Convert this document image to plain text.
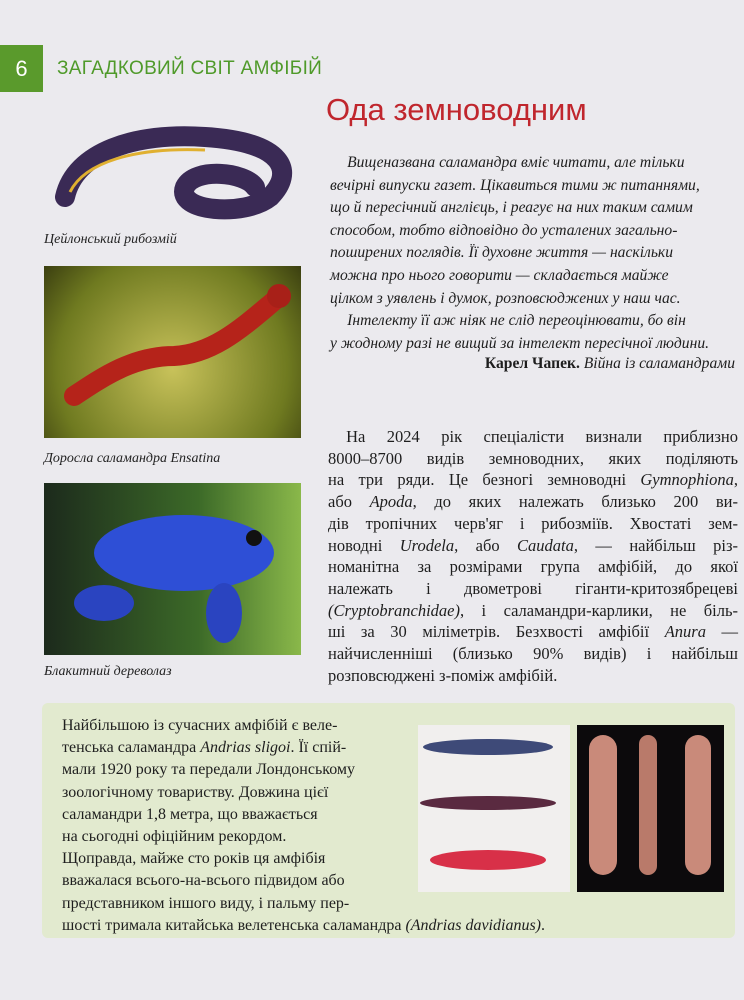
6	ЗАГАДКОВИЙ СВІТ АМФІБІЙ
Ода земноводним
Цейлонський рибозмій
Доросла саламандра Ensatina
Блакитний дереволаз
Вищеназвана саламандра вміє читати, але тільки
вечірні випуски газет. Цікавиться тими ж питаннями,
що й пересічний англієць, і реагує на них таким самим
способом, тобто відповідно до усталених загально-
поширених поглядів. Її духовне життя — наскільки
можна про нього говорити — складається майже
цілком з уявлень і думок, розповсюджених у наш час.
Інтелекту її аж ніяк не слід переоцінювати, бо він
у жодному разі не вищий за інтелект пересічної людини.
Карел Чапек. Війна із саламандрами
На 2024 рік спеціалісти визнали приблизно
8000–8700 видів земноводних, яких поділяють
на три ряди. Це безногі земноводні Gymnophiona,
або Apoda, до яких належать близько 200 ви-
дів тропічних черв'яг і рибозміїв. Хвостаті зем-
новодні Urodela, або Caudata, — найбільш різ-
номанітна за розмірами група амфібій, до якої
належать і двометрові гіганти-критозябрецеві
(Cryptobranchidae), і саламандри-карлики, не біль-
ші за 30 міліметрів. Безхвості амфібії Anura —
найчисленніші (близько 90% видів) і найбільш
розповсюджені з-поміж амфібій.
Найбільшою із сучасних амфібій є веле-
тенська саламандра Andrias sligoi. Її спій-
мали 1920 року та передали Лондонському
зоологічному товариству. Довжина цієї
саламандри 1,8 метра, що вважається
на сьогодні офіційним рекордом.
Щоправда, майже сто років ця амфібія
вважалася всього-на-всього підвидом або
представником іншого виду, і пальму пер-
шості тримала китайська велетенська саламандра (Andrias davidianus).
